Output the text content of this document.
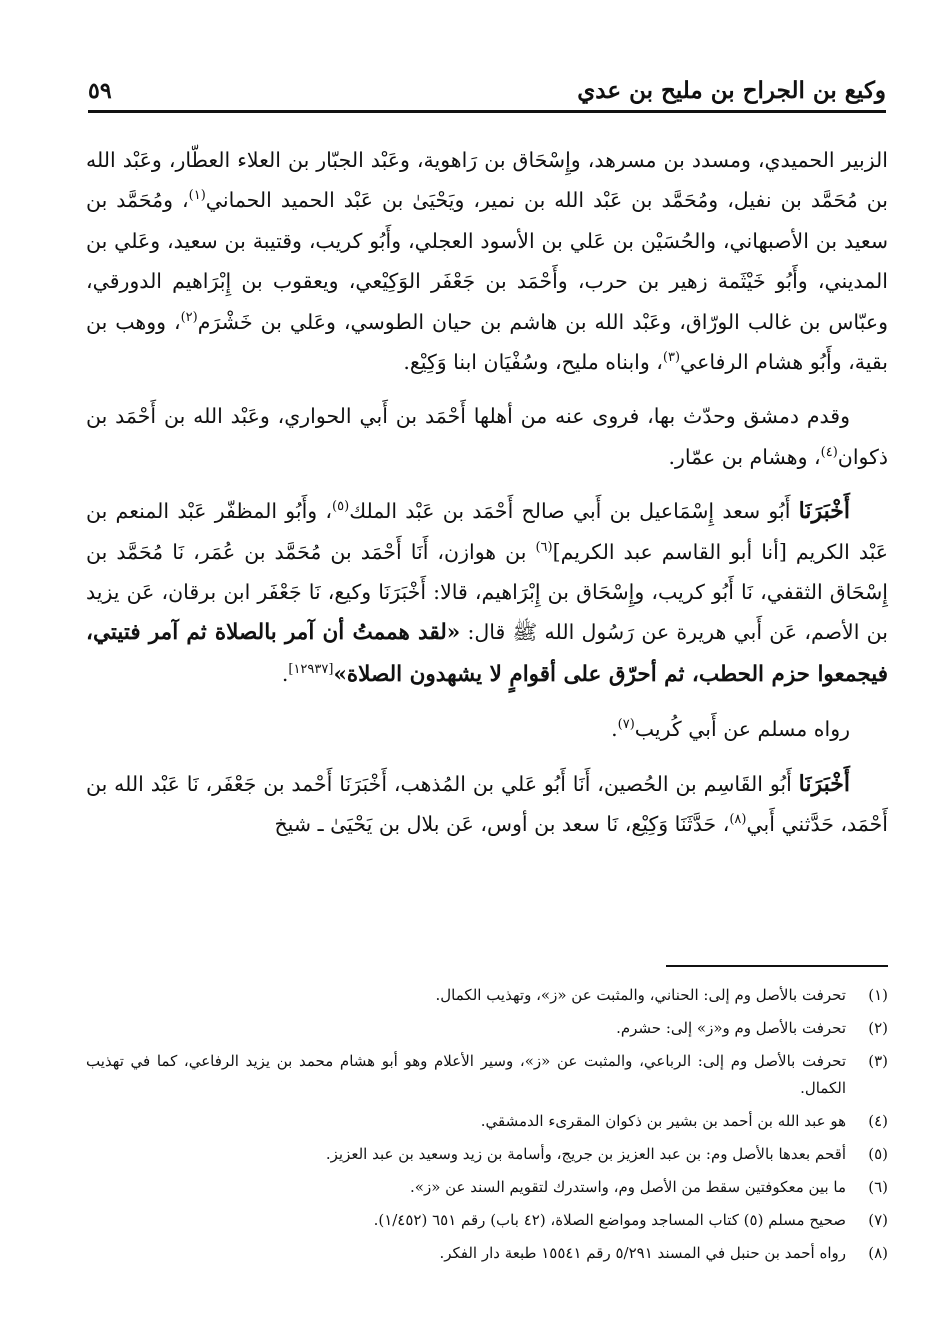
وكيع بن الجراح بن مليح بن عدي
٥٩

الزبير الحميدي، ومسدد بن مسرهد، وإِسْحَاق بن رَاهوية، وعَبْد الجبّار بن العلاء العطّار، وعَبْد الله بن مُحَمَّد بن نفيل، ومُحَمَّد بن عَبْد الله بن نمير، ويَحْيَىٰ بن عَبْد الحميد الحماني$^{(١)}$، ومُحَمَّد بن سعيد بن الأصبهاني، والحُسَيْن بن عَلي بن الأسود العجلي، وأَبُو كريب، وقتيبة بن سعيد، وعَلي بن المديني، وأَبُو خَيْثَمة زهير بن حرب، وأَحْمَد بن جَعْفَر الوَكِيْعي، ويعقوب بن إِبْرَاهيم الدورقي، وعبّاس بن غالب الورّاق، وعَبْد الله بن هاشم بن حيان الطوسي، وعَلي بن خَشْرَم$^{(٢)}$، ووهب بن بقية، وأَبُو هشام الرفاعي$^{(٣)}$، وابناه مليح، وسُفْيَان ابنا وَكِيْع.

وقدم دمشق وحدّث بها، فروى عنه من أهلها أَحْمَد بن أَبي الحواري، وعَبْد الله بن أَحْمَد بن ذكوان$^{(٤)}$، وهشام بن عمّار.

أَخْبَرَنَا أَبُو سعد إِسْمَاعيل بن أَبي صالح أَحْمَد بن عَبْد الملك$^{(٥)}$، وأَبُو المظفّر عَبْد المنعم بن عَبْد الكريم [أنا أبو القاسم عبد الكريم]$^{(٦)}$ بن هوازن، أَنَا أَحْمَد بن مُحَمَّد بن عُمَر، نَا مُحَمَّد بن إِسْحَاق الثقفي، نَا أَبُو كريب، وإِسْحَاق بن إِبْرَاهيم، قالا: أَخْبَرَنَا وكيع، نَا جَعْفَر ابن برقان، عَن يزيد بن الأصم، عَن أَبي هريرة عن رَسُول الله ﷺ قال: «لقد هممتُ أن آمر بالصلاة ثم آمر فتيتي، فيجمعوا حزم الحطب، ثم أحرّق على أقوامٍ لا يشهدون الصلاة»[١٢٩٣٧].

رواه مسلم عن أَبي كُريب$^{(٧)}$.

أَخْبَرَنَا أَبُو القَاسِم بن الحُصين، أَنَا أَبُو عَلي بن المُذهب، أَخْبَرَنَا أَحْمد بن جَعْفَر، نَا عَبْد الله بن أَحْمَد، حَدَّثني أَبي$^{(٨)}$، حَدَّثَنَا وَكِيْع، نَا سعد بن أوس، عَن بلال بن يَحْيَىٰ ـ شيخ

(١)
تحرفت بالأصل وم إلى: الحناني، والمثبت عن «ز»، وتهذيب الكمال.
(٢)
تحرفت بالأصل وم و«ز» إلى: حشرم.
(٣)
تحرفت بالأصل وم إلى: الرباعي، والمثبت عن «ز»، وسير الأعلام وهو أبو هشام محمد بن يزيد الرفاعي، كما في تهذيب الكمال.
(٤)
هو عبد الله بن أحمد بن بشير بن ذكوان المقرىء الدمشقي.
(٥)
أقحم بعدها بالأصل وم: بن عبد العزيز بن جريج، وأسامة بن زيد وسعيد بن عبد العزيز.
(٦)
ما بين معكوفتين سقط من الأصل وم، واستدرك لتقويم السند عن «ز».
(٧)
صحيح مسلم (٥) كتاب المساجد ومواضع الصلاة، (٤٢ باب) رقم ٦٥١ (١/٤٥٢).
(٨)
رواه أحمد بن حنبل في المسند ٥/٢٩١ رقم ١٥٥٤١ طبعة دار الفكر.
